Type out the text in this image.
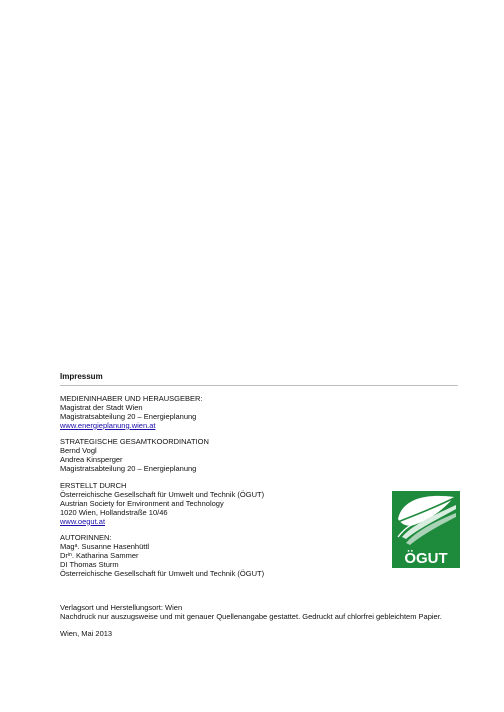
Impressum
MEDIENINHABER UND HERAUSGEBER:
Magistrat der Stadt Wien
Magistratsabteilung 20 – Energieplanung
www.energieplanung.wien.at
STRATEGISCHE GESAMTKOORDINATION
Bernd Vogl
Andrea Kinsperger
Magistratsabteilung 20 – Energieplanung
ERSTELLT DURCH
Österreichische Gesellschaft für Umwelt und Technik (ÖGUT)
Austrian Society for Environment and Technology
1020 Wien, Hollandstraße 10/46
www.oegut.at
AUTORINNEN:
Mag$^a$. Susanne Hasenhüttl
$Dr^{in}$. Katharina Sammer
DI Thomas Sturm
Österreichische Gesellschaft für Umwelt und Technik (ÖGUT)
Verlagsort und Herstellungsort: Wien
Nachdruck nur auszugsweise und mit genauer Quellenangabe gestattet. Gedruckt auf chlorfrei gebleichtem Papier.
Wien, Mai 2013
ÖGUT
